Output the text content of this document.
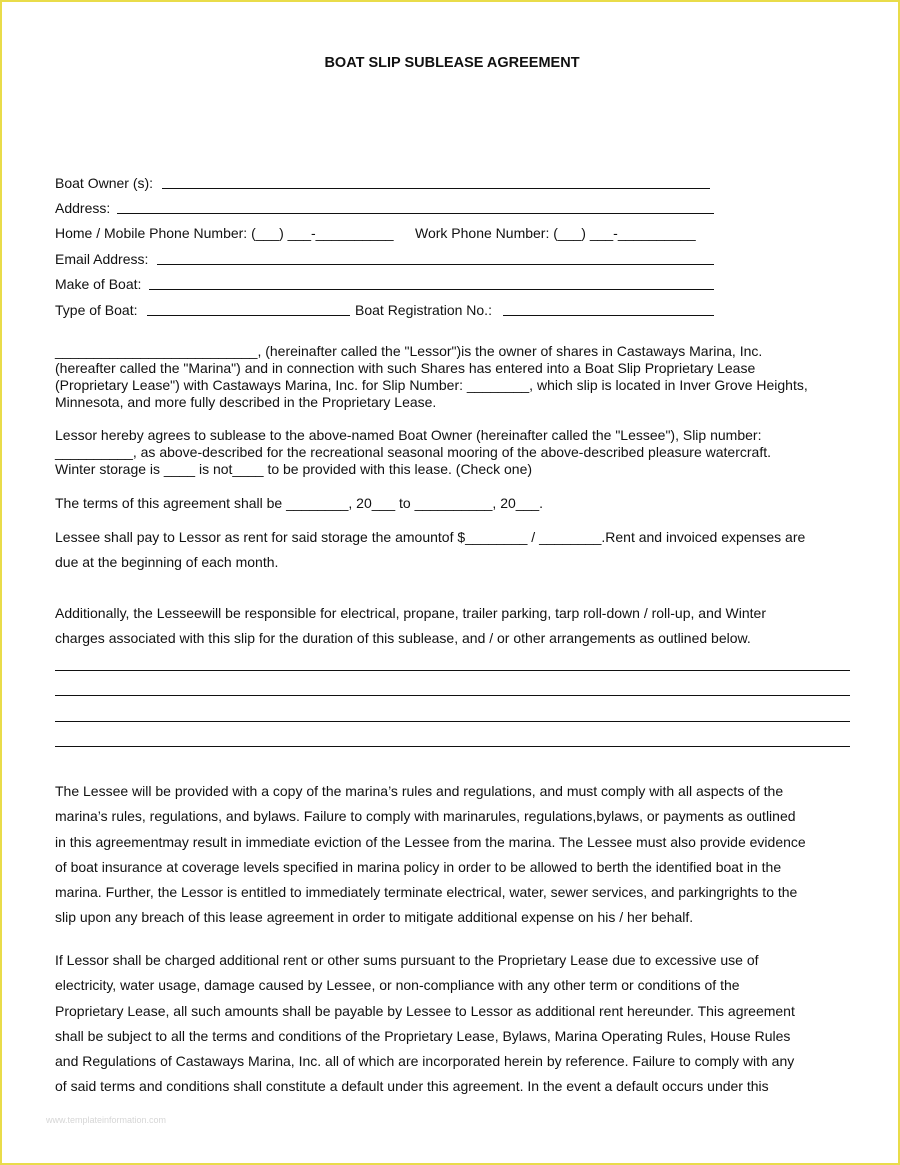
BOAT SLIP SUBLEASE AGREEMENT
Boat Owner (s):
Address:
Home / Mobile Phone Number: (___) ___-__________ Work Phone Number: (___) ___-__________
Email Address:
Make of Boat:
Type of Boat:	Boat Registration No.:

__________________________, (hereinafter called the "Lessor")is the owner of shares in Castaways Marina, Inc.
(hereafter called the "Marina") and in connection with such Shares has entered into a Boat Slip Proprietary Lease
(Proprietary Lease") with Castaways Marina, Inc. for Slip Number: ________, which slip is located in Inver Grove Heights,
Minnesota, and more fully described in the Proprietary Lease.

Lessor hereby agrees to sublease to the above-named Boat Owner (hereinafter called the "Lessee"), Slip number:
__________, as above-described for the recreational seasonal mooring of the above-described pleasure watercraft.
Winter storage is ____ is not____ to be provided with this lease. (Check one)

The terms of this agreement shall be ________, 20___ to __________, 20___.

Lessee shall pay to Lessor as rent for said storage the amountof $________ / ________.Rent and invoiced expenses are
due at the beginning of each month.

Additionally, the Lesseewill be responsible for electrical, propane, trailer parking, tarp roll-down / roll-up, and Winter
charges associated with this slip for the duration of this sublease, and / or other arrangements as outlined below.

The Lessee will be provided with a copy of the marina’s rules and regulations, and must comply with all aspects of the
marina’s rules, regulations, and bylaws. Failure to comply with marinarules, regulations,bylaws, or payments as outlined
in this agreementmay result in immediate eviction of the Lessee from the marina. The Lessee must also provide evidence
of boat insurance at coverage levels specified in marina policy in order to be allowed to berth the identified boat in the
marina. Further, the Lessor is entitled to immediately terminate electrical, water, sewer services, and parkingrights to the
slip upon any breach of this lease agreement in order to mitigate additional expense on his / her behalf.

If Lessor shall be charged additional rent or other sums pursuant to the Proprietary Lease due to excessive use of
electricity, water usage, damage caused by Lessee, or non-compliance with any other term or conditions of the
Proprietary Lease, all such amounts shall be payable by Lessee to Lessor as additional rent hereunder. This agreement
shall be subject to all the terms and conditions of the Proprietary Lease, Bylaws, Marina Operating Rules, House Rules
and Regulations of Castaways Marina, Inc. all of which are incorporated herein by reference. Failure to comply with any
of said terms and conditions shall constitute a default under this agreement. In the event a default occurs under this

www.templateinformation.com
